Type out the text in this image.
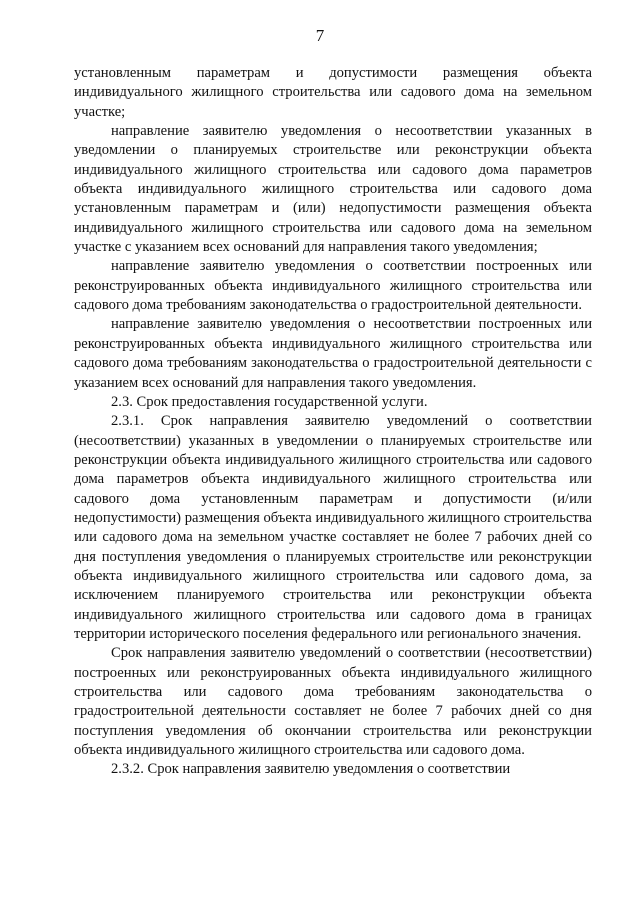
7

установленным параметрам и допустимости размещения объекта индивидуального жилищного строительства или садового дома на земельном участке;

направление заявителю уведомления о несоответствии указанных в уведомлении о планируемых строительстве или реконструкции объекта индивидуального жилищного строительства или садового дома параметров объекта индивидуального жилищного строительства или садового дома установленным параметрам и (или) недопустимости размещения объекта индивидуального жилищного строительства или садового дома на земельном участке с указанием всех оснований для направления такого уведомления;

направление заявителю уведомления о соответствии построенных или реконструированных объекта индивидуального жилищного строительства или садового дома требованиям законодательства о градостроительной деятельности.

направление заявителю уведомления о несоответствии построенных или реконструированных объекта индивидуального жилищного строительства или садового дома требованиям законодательства о градостроительной деятельности с указанием всех оснований для направления такого уведомления.

2.3. Срок предоставления государственной услуги.

2.3.1. Срок направления заявителю уведомлений о соответствии (несоответствии) указанных в уведомлении о планируемых строительстве или реконструкции объекта индивидуального жилищного строительства или садового дома параметров объекта индивидуального жилищного строительства или садового дома установленным параметрам и допустимости (и/или недопустимости) размещения объекта индивидуального жилищного строительства или садового дома на земельном участке составляет не более 7 рабочих дней со дня поступления уведомления о планируемых строительстве или реконструкции объекта индивидуального жилищного строительства или садового дома, за исключением планируемого строительства или реконструкции объекта индивидуального жилищного строительства или садового дома в границах территории исторического поселения федерального или регионального значения.

Срок направления заявителю уведомлений о соответствии (несоответствии) построенных или реконструированных объекта индивидуального жилищного строительства или садового дома требованиям законодательства о градостроительной деятельности составляет не более 7 рабочих дней со дня поступления уведомления об окончании строительства или реконструкции объекта индивидуального жилищного строительства или садового дома.

2.3.2. Срок направления заявителю уведомления о соответствии
